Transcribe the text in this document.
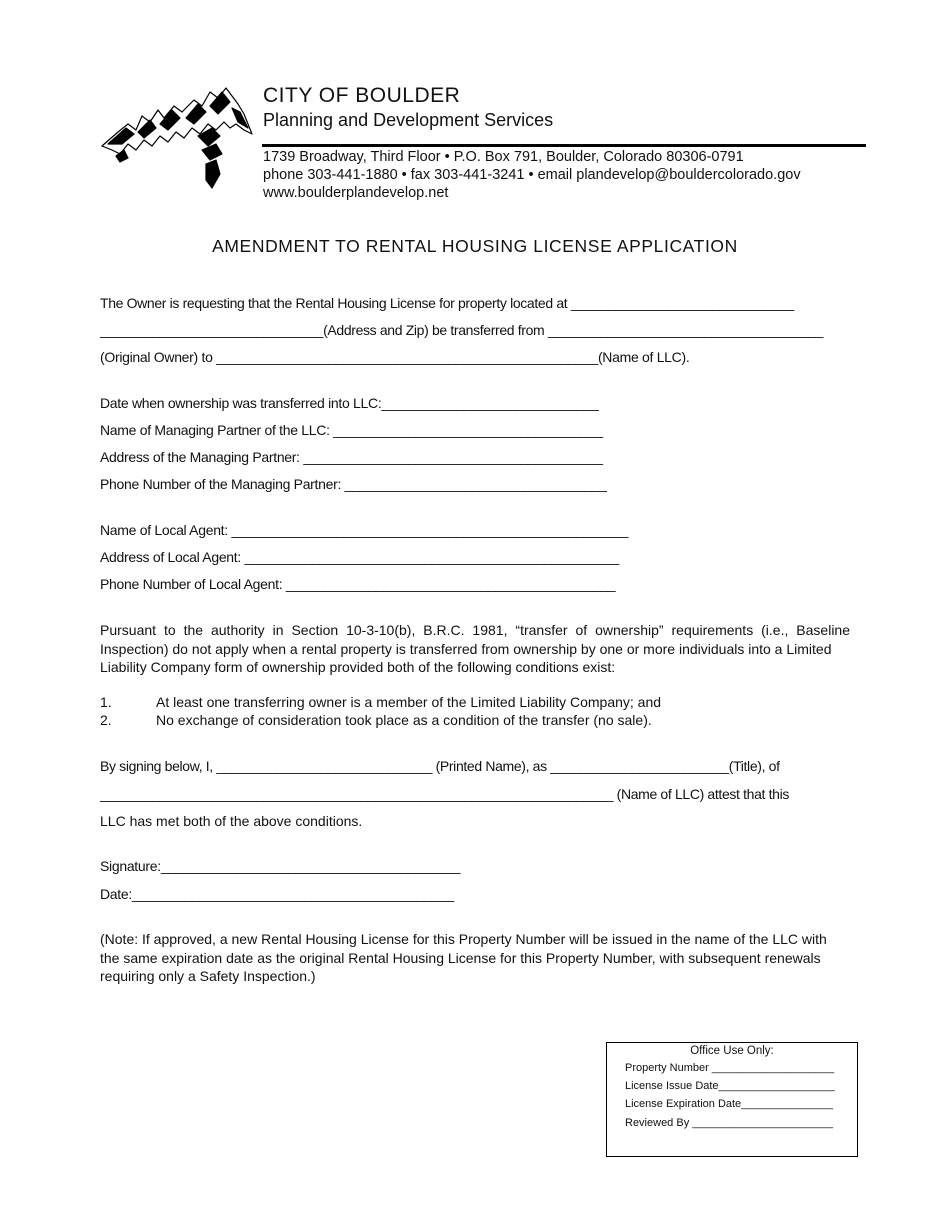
CITY OF BOULDER
Planning and Development Services
1739 Broadway, Third Floor • P.O. Box 791, Boulder, Colorado 80306-0791
phone 303-441-1880 • fax 303-441-3241 • email plandevelop@bouldercolorado.gov
www.boulderplandevelop.net
AMENDMENT TO RENTAL HOUSING LICENSE APPLICATION
The Owner is requesting that the Rental Housing License for property located at ______________________________
______________________________(Address and Zip) be transferred from _____________________________________
(Original Owner) to ___________________________________________________(Name of LLC).
Date when ownership was transferred into LLC:_____________________________
Name of Managing Partner of the LLC: ____________________________________
Address of the Managing Partner: ________________________________________
Phone Number of the Managing Partner: ___________________________________
Name of Local Agent: _____________________________________________________
Address of Local Agent: __________________________________________________
Phone Number of Local Agent: ____________________________________________
Pursuant to the authority in Section 10-3-10(b), B.R.C. 1981, “transfer of ownership” requirements (i.e., Baseline Inspection) do not apply when a rental property is transferred from ownership by one or more individuals into a Limited
Liability Company form of ownership provided both of the following conditions exist:
1.	At least one transferring owner is a member of the Limited Liability Company; and
2.	No exchange of consideration took place as a condition of the transfer (no sale).
By signing below, I, _____________________________ (Printed Name), as ________________________(Title), of
_____________________________________________________________________ (Name of LLC) attest that this
LLC has met both of the above conditions.
Signature:________________________________________
Date:___________________________________________
(Note: If approved, a new Rental Housing License for this Property Number will be issued in the name of the LLC with the same expiration date as the original Rental Housing License for this Property Number, with subsequent renewals requiring only a Safety Inspection.)
Office Use Only:
Property Number ____________________
License Issue Date___________________
License Expiration Date_______________
Reviewed By _______________________
